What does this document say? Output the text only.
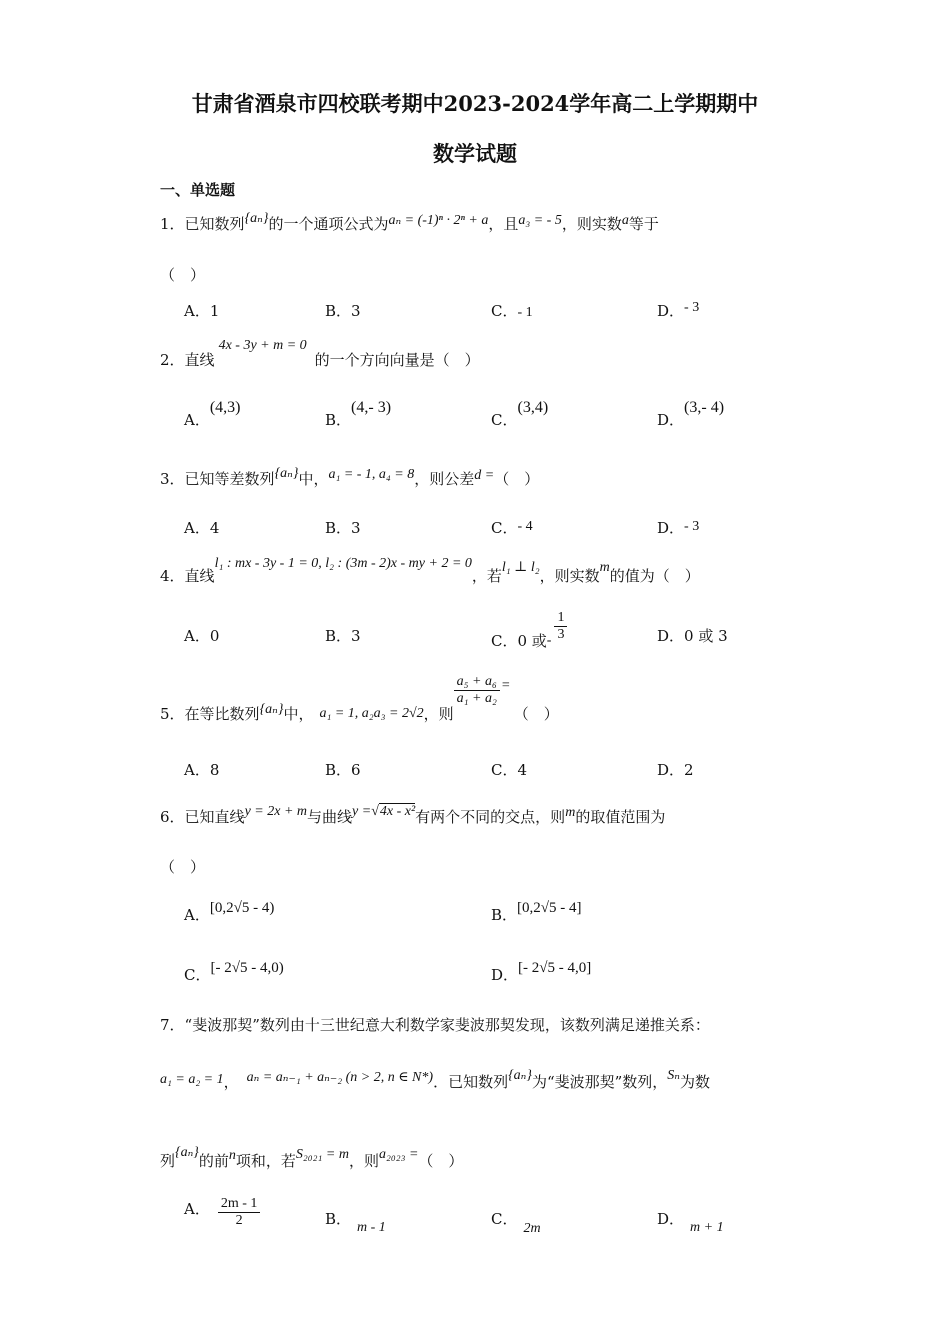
甘肃省酒泉市四校联考期中2023-2024学年高二上学期期中
数学试题
一、单选题
1．已知数列{aₙ}的一个通项公式为aₙ = (-1)ⁿ · 2ⁿ + a，且a₃ = - 5，则实数a等于
（　）
A．1	B．3	C．- 1	D．- 3
2．直线4x - 3y + m = 0的一个方向向量是（　）
A．(4,3)
B．(4,- 3)
C．(3,4)
D．(3,- 4)
3．已知等差数列{aₙ}中，a₁ = - 1, a₄ = 8，则公差d =（　）
A．4	B．3	C．- 4	D．- 3
4．直线l₁ : mx - 3y - 1 = 0, l₂ : (3m - 2)x - my + 2 = 0，若l₁ ⊥ l₂，则实数m的值为（　）
A．0	B．3	C．0 或- $\frac{1}{3}$	D．0 或 3
5．在等比数列{aₙ}中， a₁ = 1, a₂a₃ = 2√2，则
$\frac{\text{a₅ + a₆}}{\text{a₁ + a₂}}$ =（　）
A．8	B．6	C．4	D．2
6．已知直线y = 2x + m与曲线y =√4x - x²有两个不同的交点，则m的取值范围为
（　）
A．[0,2√5 - 4)	B．[0,2√5 - 4]
C．[- 2√5 - 4,0)	D．[- 2√5 - 4,0]
7．“斐波那契”数列由十三世纪意大利数学家斐波那契发现，该数列满足递推关系：
a₁ = a₂ = 1， aₙ = aₙ₋₁ + aₙ₋₂ (n > 2, n ∈ N*)．已知数列{aₙ}为“斐波那契”数列，Sₙ为数
列{aₙ}的前n项和，若S₂₀₂₁ = m，则a₂₀₂₃ =（　）
A． $\frac{2m - 1}{2}$	B． m - 1	C．2m
D． m + 1
